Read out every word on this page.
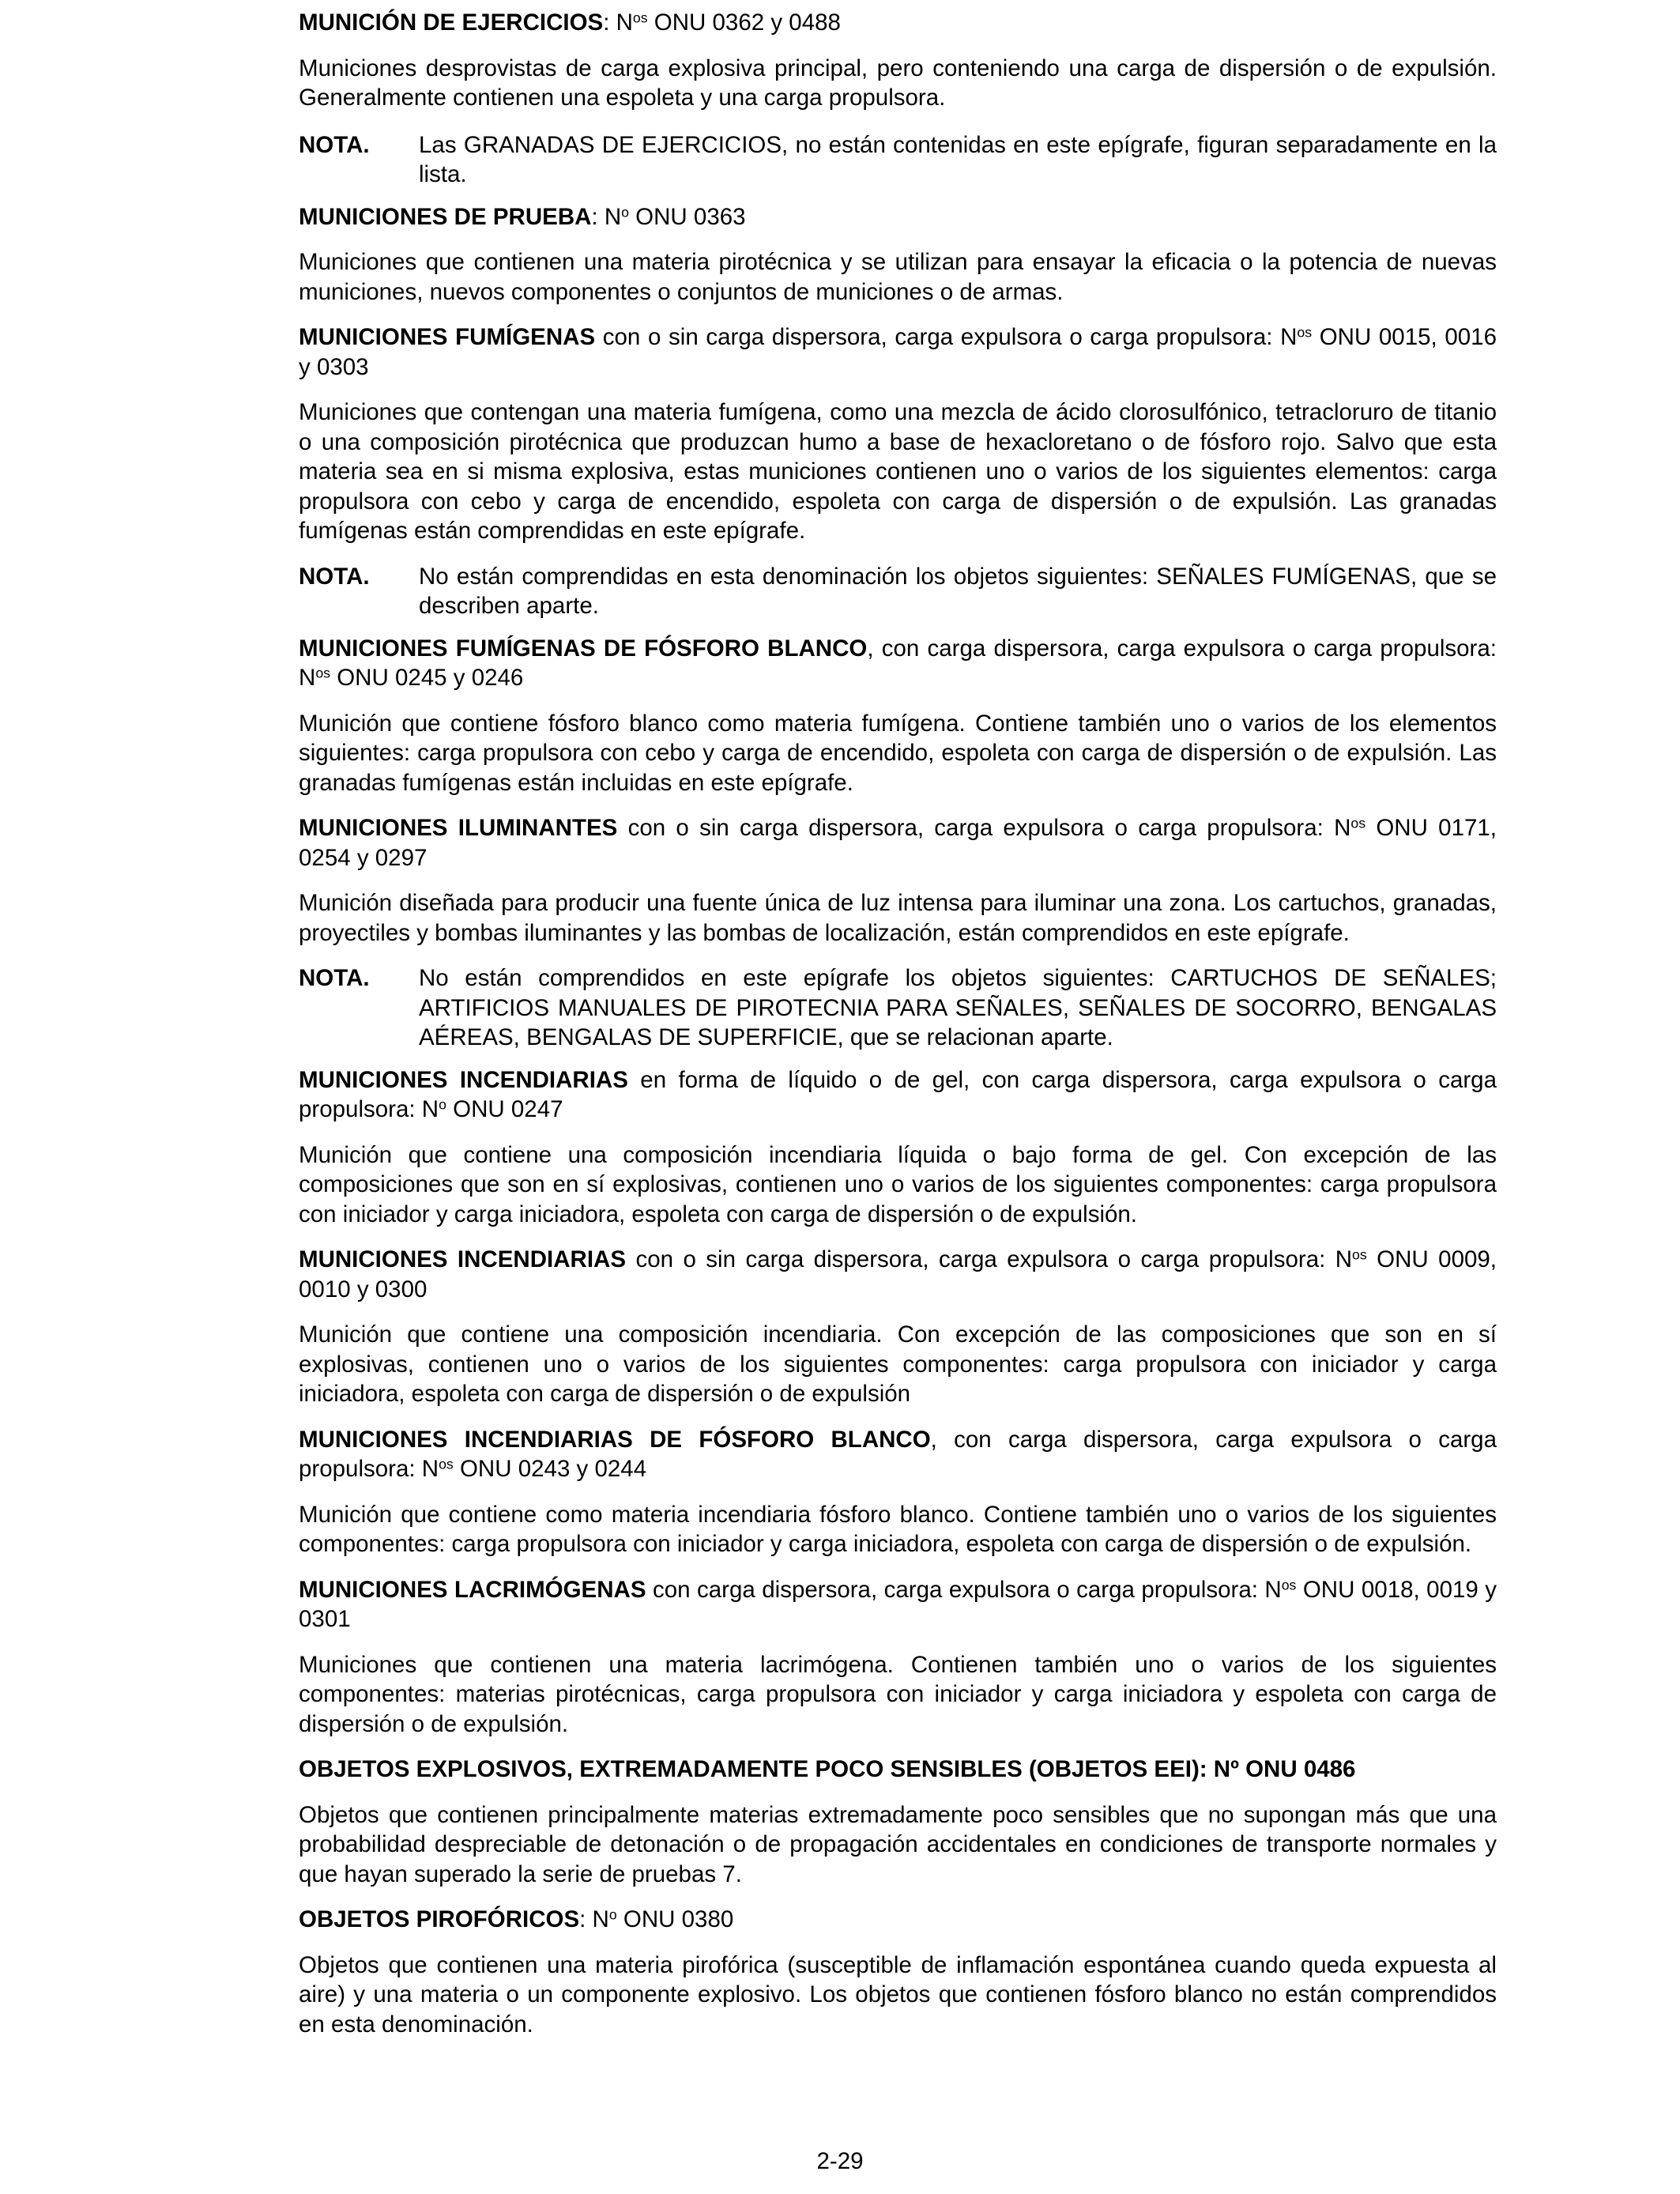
MUNICIÓN DE EJERCICIOS: $N^{os}$ ONU 0362 y 0488

Municiones desprovistas de carga explosiva principal, pero conteniendo una carga de dispersión o de expulsión. Generalmente contienen una espoleta y una carga propulsora.

NOTA.	Las GRANADAS DE EJERCICIOS, no están contenidas en este epígrafe, figuran separadamente en la lista.

MUNICIONES DE PRUEBA: $N^o$ ONU 0363

Municiones que contienen una materia pirotécnica y se utilizan para ensayar la eficacia o la potencia de nuevas municiones, nuevos componentes o conjuntos de municiones o de armas.

MUNICIONES FUMÍGENAS con o sin carga dispersora, carga expulsora o carga propulsora: $N^{os}$ ONU 0015, 0016 y 0303

Municiones que contengan una materia fumígena, como una mezcla de ácido clorosulfónico, tetracloruro de titanio o una composición pirotécnica que produzcan humo a base de hexacloretano o de fósforo rojo. Salvo que esta materia sea en si misma explosiva, estas municiones contienen uno o varios de los siguientes elementos: carga propulsora con cebo y carga de encendido, espoleta con carga de dispersión o de expulsión. Las granadas fumígenas están comprendidas en este epígrafe.

NOTA.	No están comprendidas en esta denominación los objetos siguientes: SEÑALES FUMÍGENAS, que se describen aparte.

MUNICIONES FUMÍGENAS DE FÓSFORO BLANCO, con carga dispersora, carga expulsora o carga propulsora: $N^{os}$ ONU 0245 y 0246

Munición que contiene fósforo blanco como materia fumígena. Contiene también uno o varios de los elementos siguientes: carga propulsora con cebo y carga de encendido, espoleta con carga de dispersión o de expulsión. Las granadas fumígenas están incluidas en este epígrafe.

MUNICIONES ILUMINANTES con o sin carga dispersora, carga expulsora o carga propulsora: $N^{os}$ ONU 0171, 0254 y 0297

Munición diseñada para producir una fuente única de luz intensa para iluminar una zona. Los cartuchos, granadas, proyectiles y bombas iluminantes y las bombas de localización, están comprendidos en este epígrafe.

NOTA.	No están comprendidos en este epígrafe los objetos siguientes: CARTUCHOS DE SEÑALES; ARTIFICIOS MANUALES DE PIROTECNIA PARA SEÑALES, SEÑALES DE SOCORRO, BENGALAS AÉREAS, BENGALAS DE SUPERFICIE, que se relacionan aparte.

MUNICIONES INCENDIARIAS en forma de líquido o de gel, con carga dispersora, carga expulsora o carga propulsora: $N^o$ ONU 0247

Munición que contiene una composición incendiaria líquida o bajo forma de gel. Con excepción de las composiciones que son en sí explosivas, contienen uno o varios de los siguientes componentes: carga propulsora con iniciador y carga iniciadora, espoleta con carga de dispersión o de expulsión.

MUNICIONES INCENDIARIAS con o sin carga dispersora, carga expulsora o carga propulsora: $N^{os}$ ONU 0009, 0010 y 0300

Munición que contiene una composición incendiaria. Con excepción de las composiciones que son en sí explosivas, contienen uno o varios de los siguientes componentes: carga propulsora con iniciador y carga iniciadora, espoleta con carga de dispersión o de expulsión

MUNICIONES INCENDIARIAS DE FÓSFORO BLANCO, con carga dispersora, carga expulsora o carga propulsora: $N^{os}$ ONU 0243 y 0244

Munición que contiene como materia incendiaria fósforo blanco. Contiene también uno o varios de los siguientes componentes: carga propulsora con iniciador y carga iniciadora, espoleta con carga de dispersión o de expulsión.

MUNICIONES LACRIMÓGENAS con carga dispersora, carga expulsora o carga propulsora: $N^{os}$ ONU 0018, 0019 y 0301

Municiones que contienen una materia lacrimógena. Contienen también uno o varios de los siguientes componentes: materias pirotécnicas, carga propulsora con iniciador y carga iniciadora y espoleta con carga de dispersión o de expulsión.

OBJETOS EXPLOSIVOS, EXTREMADAMENTE POCO SENSIBLES (OBJETOS EEI): Nº ONU 0486

Objetos que contienen principalmente materias extremadamente poco sensibles que no supongan más que una probabilidad despreciable de detonación o de propagación accidentales en condiciones de transporte normales y que hayan superado la serie de pruebas 7.

OBJETOS PIROFÓRICOS: $N^o$ ONU 0380

Objetos que contienen una materia pirofórica (susceptible de inflamación espontánea cuando queda expuesta al aire) y una materia o un componente explosivo. Los objetos que contienen fósforo blanco no están comprendidos en esta denominación.

2-29
